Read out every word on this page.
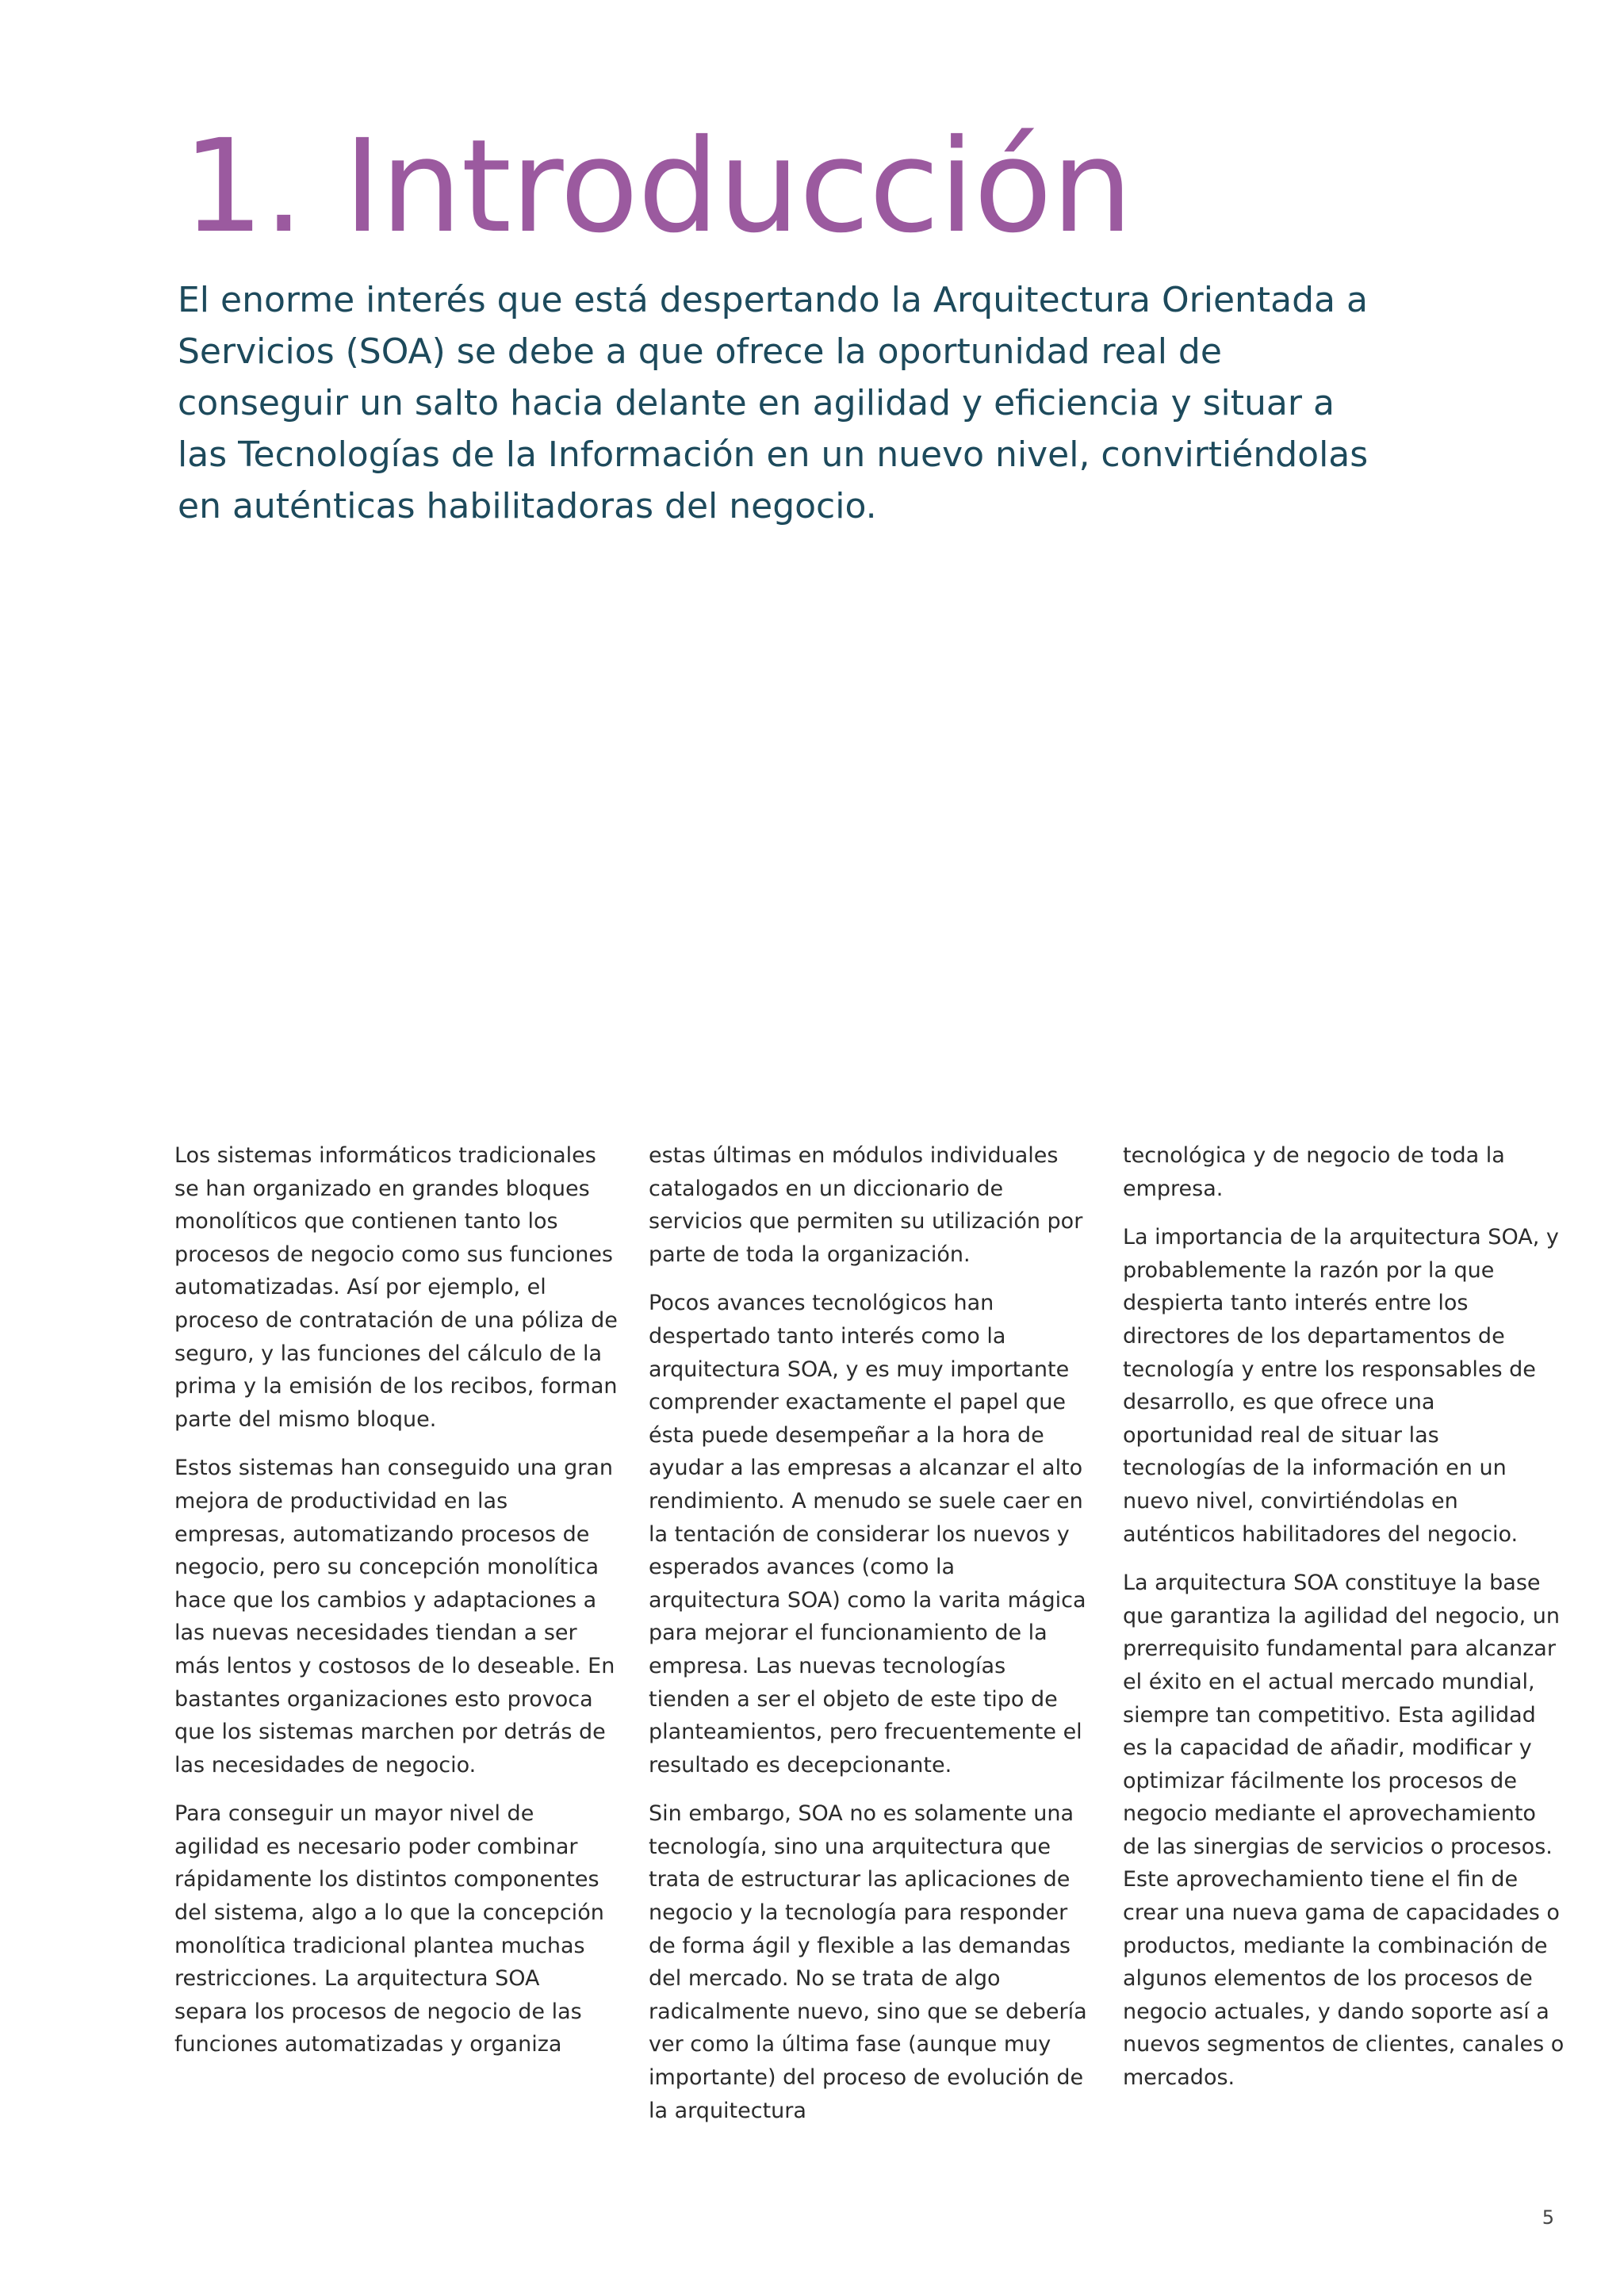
1. Introducción

El enorme interés que está despertando la Arquitectura Orientada a Servicios (SOA) se debe a que ofrece la oportunidad real de conseguir un salto hacia delante en agilidad y eficiencia y situar a las Tecnologías de la Información en un nuevo nivel, convirtiéndolas en auténticas habilitadoras del negocio.

Los sistemas informáticos tradicionales se han organizado en grandes bloques monolíticos que contienen tanto los procesos de negocio como sus funciones automatizadas. Así por ejemplo, el proceso de contratación de una póliza de seguro, y las funciones del cálculo de la prima y la emisión de los recibos, forman parte del mismo bloque.

Estos sistemas han conseguido una gran mejora de productividad en las empresas, automatizando procesos de negocio, pero su concepción monolítica hace que los cambios y adaptaciones a las nuevas necesidades tiendan a ser más lentos y costosos de lo deseable. En bastantes organizaciones esto provoca que los sistemas marchen por detrás de las necesidades de negocio.

Para conseguir un mayor nivel de agilidad es necesario poder combinar rápidamente los distintos componentes del sistema, algo a lo que la concepción monolítica tradicional plantea muchas restricciones. La arquitectura SOA separa los procesos de negocio de las funciones automatizadas y organiza

estas últimas en módulos individuales catalogados en un diccionario de servicios que permiten su utilización por parte de toda la organización.

Pocos avances tecnológicos han despertado tanto interés como la arquitectura SOA, y es muy importante comprender exactamente el papel que ésta puede desempeñar a la hora de ayudar a las empresas a alcanzar el alto rendimiento. A menudo se suele caer en la tentación de considerar los nuevos y esperados avances (como la arquitectura SOA) como la varita mágica para mejorar el funcionamiento de la empresa. Las nuevas tecnologías tienden a ser el objeto de este tipo de planteamientos, pero frecuentemente el resultado es decepcionante.

Sin embargo, SOA no es solamente una tecnología, sino una arquitectura que trata de estructurar las aplicaciones de negocio y la tecnología para responder de forma ágil y flexible a las demandas del mercado. No se trata de algo radicalmente nuevo, sino que se debería ver como la última fase (aunque muy importante) del proceso de evolución de la arquitectura

tecnológica y de negocio de toda la empresa.

La importancia de la arquitectura SOA, y probablemente la razón por la que despierta tanto interés entre los directores de los departamentos de tecnología y entre los responsables de desarrollo, es que ofrece una oportunidad real de situar las tecnologías de la información en un nuevo nivel, convirtiéndolas en auténticos habilitadores del negocio.

La arquitectura SOA constituye la base que garantiza la agilidad del negocio, un prerrequisito fundamental para alcanzar el éxito en el actual mercado mundial, siempre tan competitivo. Esta agilidad es la capacidad de añadir, modificar y optimizar fácilmente los procesos de negocio mediante el aprovechamiento de las sinergias de servicios o procesos. Este aprovechamiento tiene el fin de crear una nueva gama de capacidades o productos, mediante la combinación de algunos elementos de los procesos de negocio actuales, y dando soporte así a nuevos segmentos de clientes, canales o mercados.

5
